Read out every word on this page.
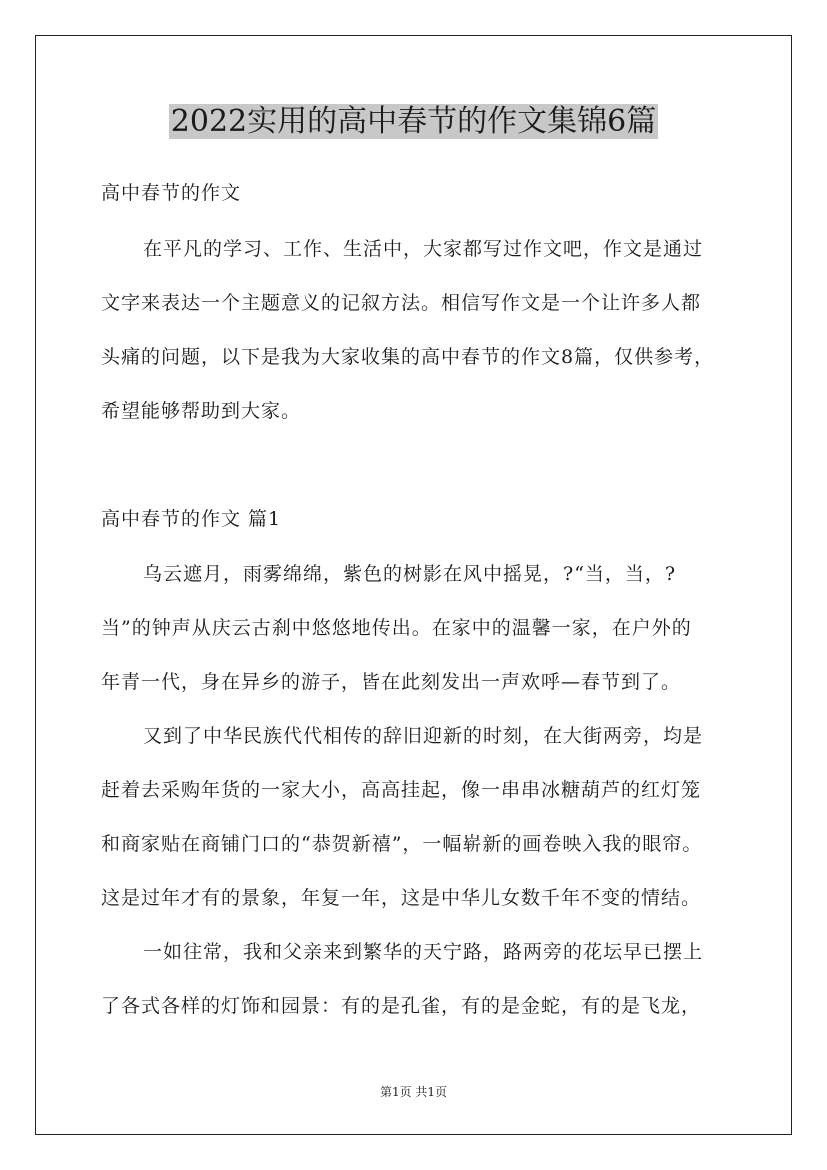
2022实用的高中春节的作文集锦6篇
高中春节的作文
在平凡的学习、工作、生活中，大家都写过作文吧，作文是通过
文字来表达一个主题意义的记叙方法。相信写作文是一个让许多人都
头痛的问题，以下是我为大家收集的高中春节的作文8篇，仅供参考，
希望能够帮助到大家。
高中春节的作文 篇1
乌云遮月，雨雾绵绵，紫色的树影在风中摇晃，?“当，当，?
当”的钟声从庆云古刹中悠悠地传出。在家中的温馨一家，在户外的
年青一代，身在异乡的游子，皆在此刻发出一声欢呼—春节到了。
又到了中华民族代代相传的辞旧迎新的时刻，在大街两旁，均是
赶着去采购年货的一家大小，高高挂起，像一串串冰糖葫芦的红灯笼
和商家贴在商铺门口的“恭贺新禧”，一幅崭新的画卷映入我的眼帘。
这是过年才有的景象，年复一年，这是中华儿女数千年不变的情结。
一如往常，我和父亲来到繁华的天宁路，路两旁的花坛早已摆上
了各式各样的灯饰和园景：有的是孔雀，有的是金蛇，有的是飞龙，
第1页 共1页
